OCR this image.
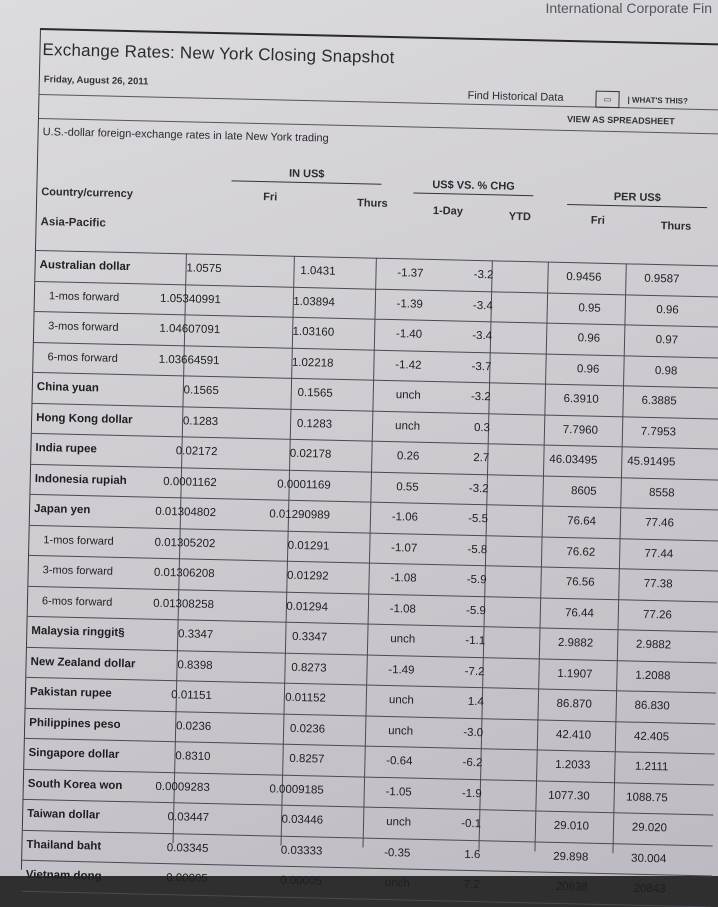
International Corporate Fin
Exchange Rates: New York Closing Snapshot
Friday, August 26, 2011
Find Historical Data	▭	| WHAT'S THIS?
VIEW AS SPREADSHEET
U.S.-dollar foreign-exchange rates in late New York trading
IN US$
US$ VS. % CHG
PER US$
Country/currency	Fri	Thurs
1-Day	YTD	Fri	Thurs
Asia-Pacific
Australian dollar	1.0575	1.0431	-1.37	-3.2	0.9456	0.9587
1-mos forward	1.05340991	1.03894	-1.39	-3.4	0.95	0.96
3-mos forward	1.04607091	1.03160	-1.40	-3.4	0.96	0.97
6-mos forward	1.03664591	1.02218	-1.42	-3.7	0.96	0.98
China yuan	0.1565	0.1565	unch	-3.2	6.3910	6.3885
Hong Kong dollar	0.1283	0.1283	unch	0.3	7.7960	7.7953
India rupee	0.02172	0.02178	0.26	2.7	46.03495	45.91495
Indonesia rupiah	0.0001162	0.0001169	0.55	-3.2	8605	8558
Japan yen	0.01304802	0.01290989	-1.06	-5.5	76.64	77.46
1-mos forward	0.01305202	0.01291	-1.07	-5.8	76.62	77.44
3-mos forward	0.01306208	0.01292	-1.08	-5.9	76.56	77.38
6-mos forward	0.01308258	0.01294	-1.08	-5.9	76.44	77.26
Malaysia ringgit§	0.3347	0.3347	unch	-1.1	2.9882	2.9882
New Zealand dollar	0.8398	0.8273	-1.49	-7.2	1.1907	1.2088
Pakistan rupee	0.01151	0.01152	unch	1.4	86.870	86.830
Philippines peso	0.0236	0.0236	unch	-3.0	42.410	42.405
Singapore dollar	0.8310	0.8257	-0.64	-6.2	1.2033	1.2111
South Korea won	0.0009283	0.0009185	-1.05	-1.9	1077.30	1088.75
Taiwan dollar	0.03447	0.03446	unch	-0.1	29.010	29.020
Thailand baht	0.03345	0.03333	-0.35	1.6	29.898	30.004
Vietnam dong	0.00005	0.00005	unch	7.2	20838	20843
